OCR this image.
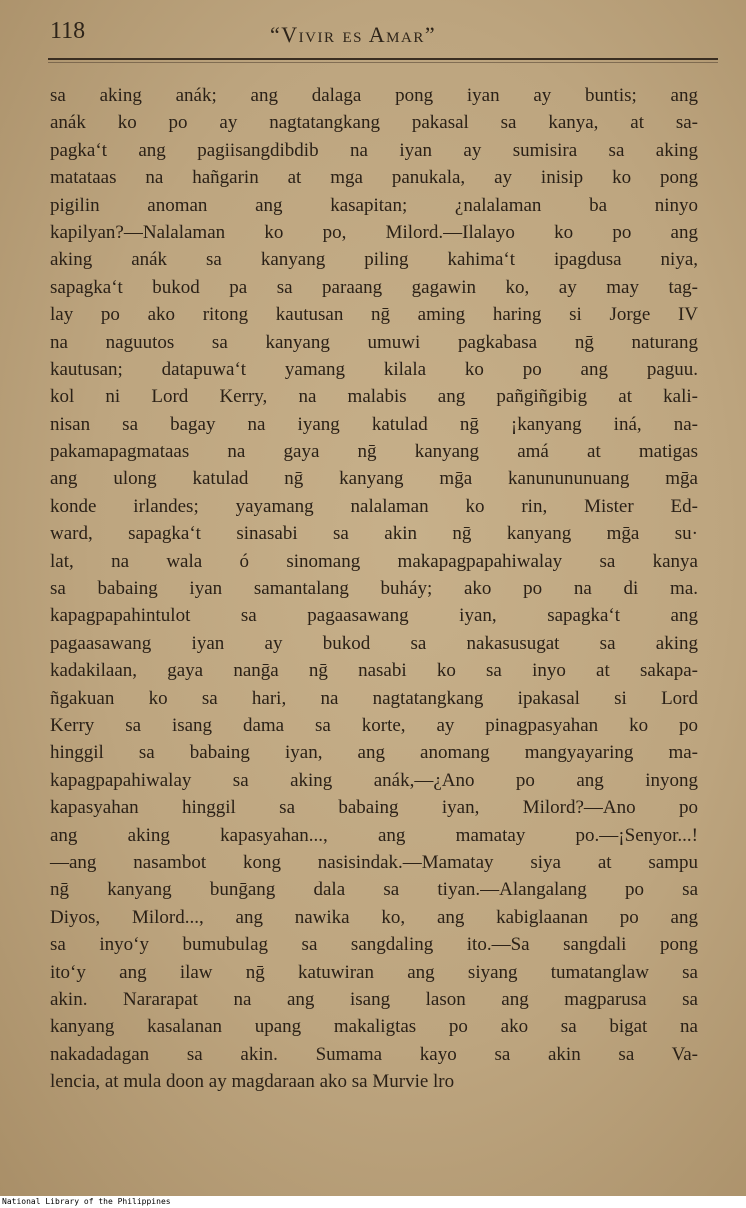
118	“Vivir es Amar”
sa aking anák; ang dalaga pong iyan ay buntis; ang
anák ko po ay nagtatangkang pakasal sa kanya, at sa-
pagka‘t ang pagiisangdibdib na iyan ay sumisira sa aking
matataas na hañgarin at mga panukala, ay inisip ko pong
pigilin anoman ang kasapitan; ¿nalalaman ba ninyo
kapilyan?—Nalalaman ko po, Milord.—Ilalayo ko po ang
aking anák sa kanyang piling kahima‘t ipagdusa niya,
sapagka‘t bukod pa sa paraang gagawin ko, ay may tag-
lay po ako ritong kautusan nḡ aming haring si Jorge IV
na naguutos sa kanyang umuwi pagkabasa nḡ naturang
kautusan; datapuwa‘t yamang kilala ko po ang paguu.
kol ni Lord Kerry, na malabis ang pañgiñgibig at kali-
nisan sa bagay na iyang katulad nḡ ¡kanyang iná, na-
pakamapagmataas na gaya nḡ kanyang amá at matigas
ang ulong katulad nḡ kanyang mḡa kanunununuang mḡa
konde irlandes; yayamang nalalaman ko rin, Mister Ed-
ward, sapagka‘t sinasabi sa akin nḡ kanyang mḡa su·
lat, na wala ó sinomang makapagpapahiwalay sa kanya
sa babaing iyan samantalang buháy; ako po na di ma.
kapagpapahintulot sa pagaasawang iyan, sapagka‘t ang
pagaasawang iyan ay bukod sa nakasusugat sa aking
kadakilaan, gaya nanḡa nḡ nasabi ko sa inyo at sakapa-
ñgakuan ko sa hari, na nagtatangkang ipakasal si Lord
Kerry sa isang dama sa korte, ay pinagpasyahan ko po
hinggil sa babaing iyan, ang anomang mangyayaring ma-
kapagpapahiwalay sa aking anák,—¿Ano po ang inyong
kapasyahan hinggil sa babaing iyan, Milord?—Ano po
ang aking kapasyahan..., ang mamatay po.—¡Senyor...!
—ang nasambot kong nasisindak.—Mamatay siya at sampu
nḡ kanyang bunḡang dala sa tiyan.—Alangalang po sa
Diyos, Milord..., ang nawika ko, ang kabiglaanan po ang
sa inyo‘y bumubulag sa sangdaling ito.—Sa sangdali pong
ito‘y ang ilaw nḡ katuwiran ang siyang tumatanglaw sa
akin. Nararapat na ang isang lason ang magparusa sa
kanyang kasalanan upang makaligtas po ako sa bigat na
nakadadagan sa akin. Sumama kayo sa akin sa Va-
lencia, at mula doon ay magdaraan ako sa Murvie lro
National Library of the Philippines
